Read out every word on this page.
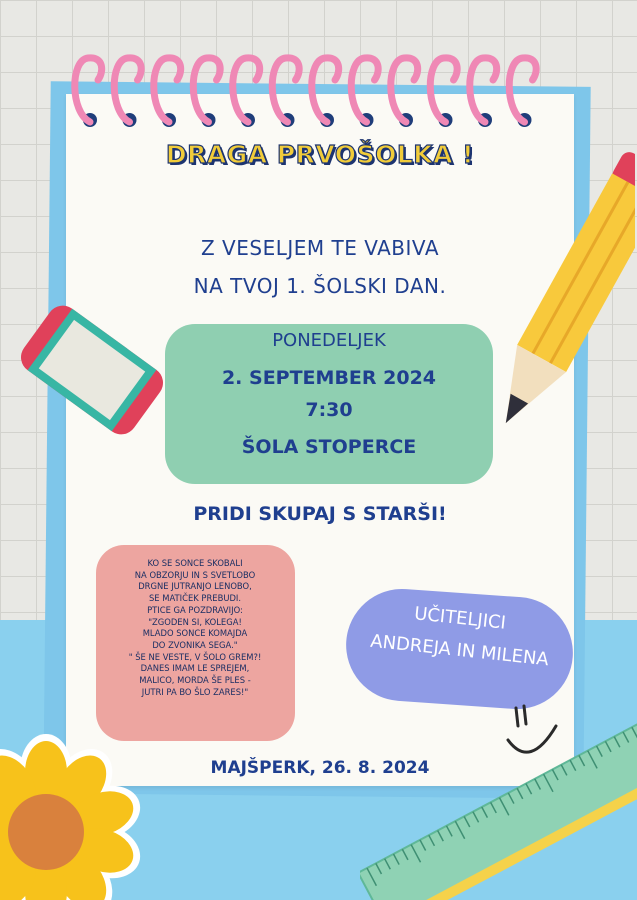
DRAGA PRVOŠOLKA !
Z VESELJEM TE VABIVA
NA TVOJ 1. ŠOLSKI DAN.
PONEDELJEK
2. SEPTEMBER 2024
7:30
ŠOLA STOPERCE
PRIDI SKUPAJ S STARŠI!
KO SE SONCE SKOBALI
NA OBZORJU IN S SVETLOBO
DRGNE JUTRANJO LENOBO,
SE MATIČEK PREBUDI.
PTICE GA POZDRAVIJO:
"ZGODEN SI, KOLEGA!
MLADO SONCE KOMAJDA
DO ZVONIKA SEGA."
" ŠE NE VESTE, V ŠOLO GREM?!
DANES IMAM LE SPREJEM,
MALICO, MORDA ŠE PLES -
JUTRI PA BO ŠLO ZARES!"
UČITELJICI
ANDREJA IN MILENA
MAJŠPERK, 26. 8. 2024
